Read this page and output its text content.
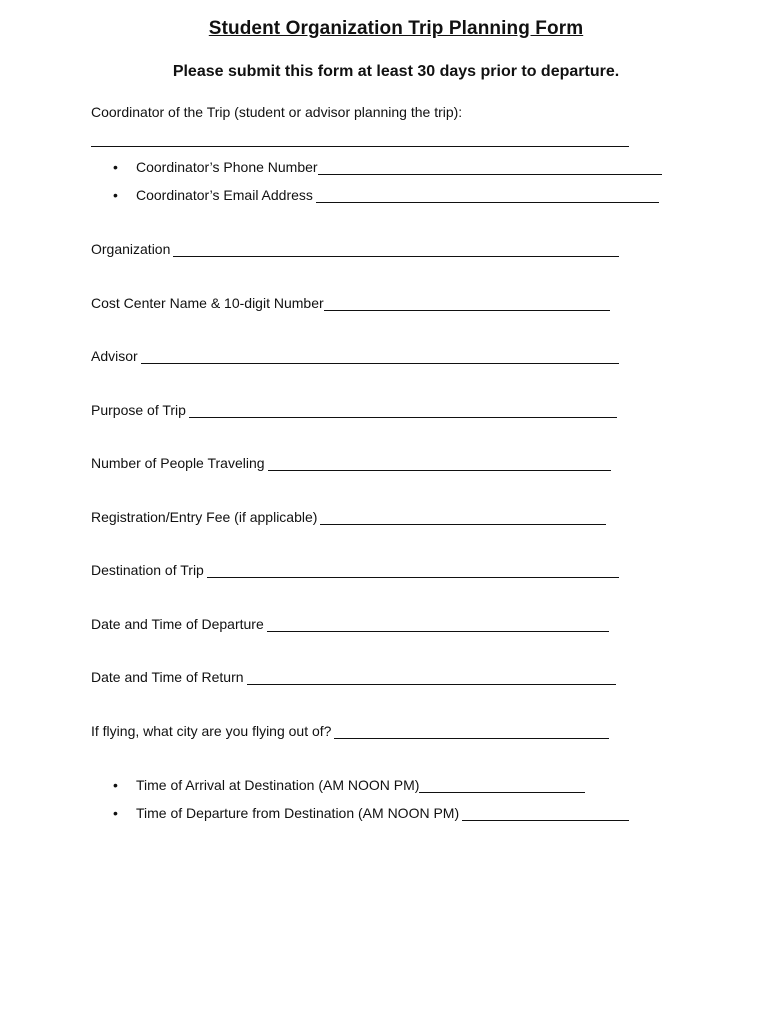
Student Organization Trip Planning Form
Please submit this form at least 30 days prior to departure.
Coordinator of the Trip (student or advisor planning the trip):
• Coordinator’s Phone Number
• Coordinator’s Email Address
Organization
Cost Center Name & 10-digit Number
Advisor
Purpose of Trip
Number of People Traveling
Registration/Entry Fee (if applicable)
Destination of Trip
Date and Time of Departure
Date and Time of Return
If flying, what city are you flying out of?
• Time of Arrival at Destination (AM NOON PM)
• Time of Departure from Destination (AM NOON PM)
